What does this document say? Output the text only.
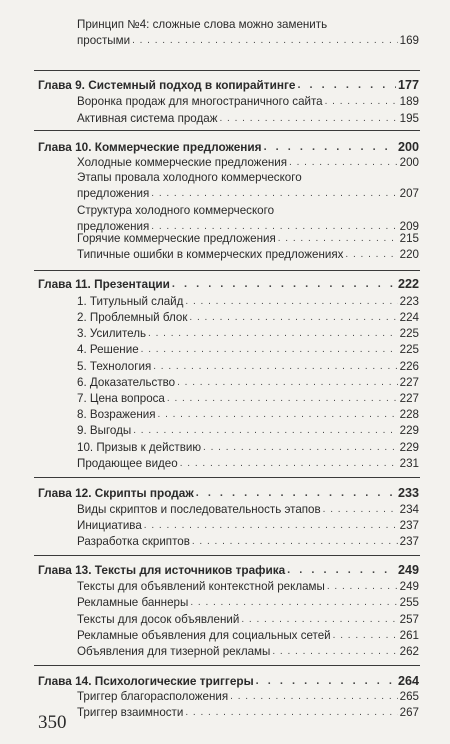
Принцип №4: сложные слова можно заменить
простыми . . .	169
Глава 9. Системный подход в копирайтинге . . .	177
Воронка продаж для многостраничного сайта . . .	189
Активная система продаж . . .	195
Глава 10. Коммерческие предложения . . .	200
Холодные коммерческие предложения . . .	200
Этапы провала холодного коммерческого
предложения . . .	207
Структура холодного коммерческого
предложения . . .	209
Горячие коммерческие предложения . . .	215
Типичные ошибки в коммерческих предложениях . . .	220
Глава 11. Презентации . . .	222
1. Титульный слайд . . .	223
2. Проблемный блок . . .	224
3. Усилитель . . .	225
4. Решение . . .	225
5. Технология . . .	226
6. Доказательство . . .	227
7. Цена вопроса . . .	227
8. Возражения . . .	228
9. Выгоды . . .	229
10. Призыв к действию . . .	229
Продающее видео . . .	231
Глава 12. Скрипты продаж . . .	233
Виды скриптов и последовательность этапов . . .	234
Инициатива . . .	237
Разработка скриптов . . .	237
Глава 13. Тексты для источников трафика . . .	249
Тексты для объявлений контекстной рекламы . . .	249
Рекламные баннеры . . .	255
Тексты для досок объявлений . . .	257
Рекламные объявления для социальных сетей . . .	261
Объявления для тизерной рекламы . . .	262
Глава 14. Психологические триггеры . . .	264
Триггер благорасположения . . .	265
Триггер взаимности . . .	267
350
